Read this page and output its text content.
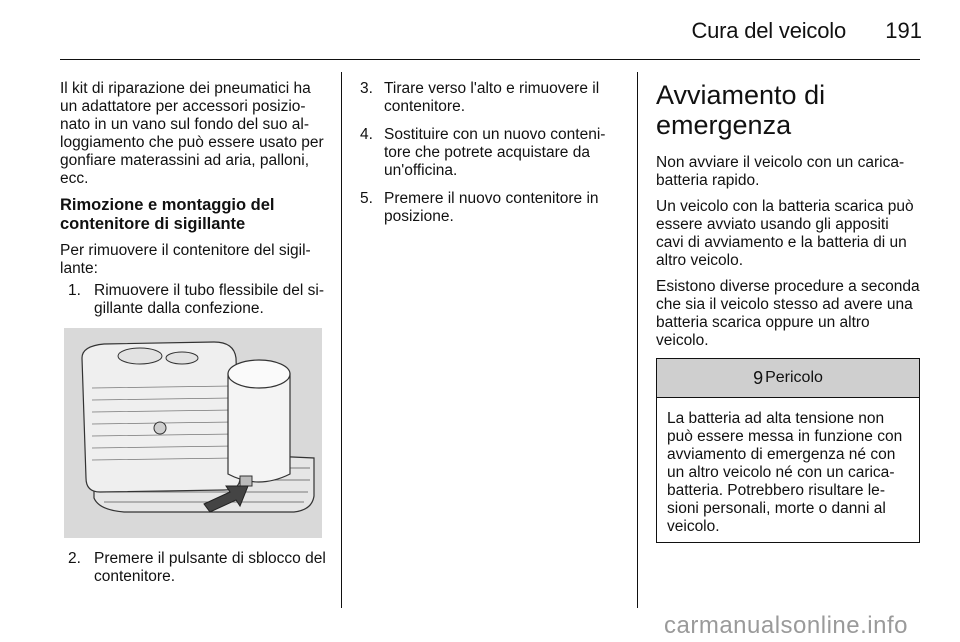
Cura del veicolo	191

Il kit di riparazione dei pneumatici ha un adattatore per accessori posizionato in un vano sul fondo del suo alloggiamento che può essere usato per gonfiare materassini ad aria, palloni, ecc.

Rimozione e montaggio del contenitore di sigillante

Per rimuovere il contenitore del sigillante:

1. Rimuovere il tubo flessibile del sigillante dalla confezione.
2. Premere il pulsante di sblocco del contenitore.
3. Tirare verso l'alto e rimuovere il contenitore.
4. Sostituire con un nuovo contenitore che potrete acquistare da un'officina.
5. Premere il nuovo contenitore in posizione.
Avviamento di emergenza

Non avviare il veicolo con un caricabatteria rapido.

Un veicolo con la batteria scarica può essere avviato usando gli appositi cavi di avviamento e la batteria di un altro veicolo.

Esistono diverse procedure a seconda che sia il veicolo stesso ad avere una batteria scarica oppure un altro veicolo.

9 Pericolo
La batteria ad alta tensione non può essere messa in funzione con avviamento di emergenza né con un altro veicolo né con un caricabatteria. Potrebbero risultare lesioni personali, morte o danni al veicolo.
carmanualsonline.info
